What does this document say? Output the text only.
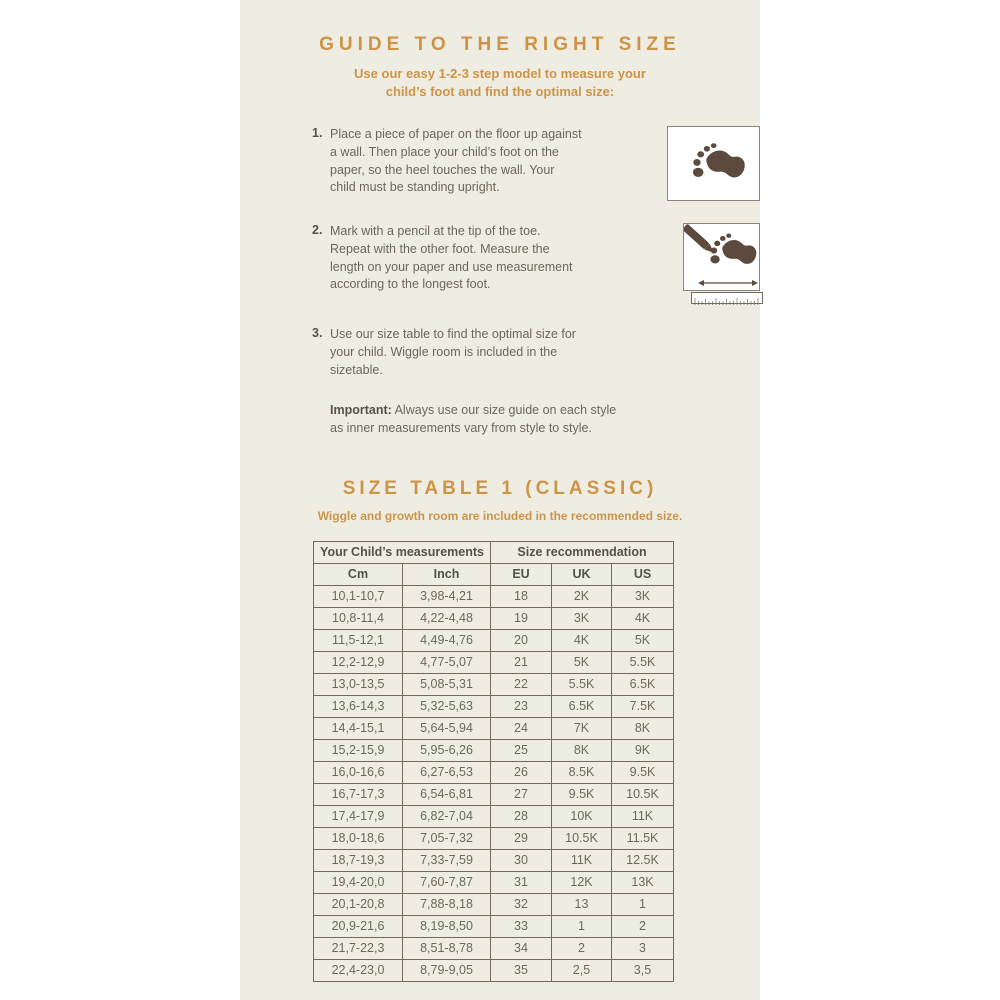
GUIDE TO THE RIGHT SIZE

Use our easy 1-2-3 step model to measure your child’s foot and find the optimal size:

1. Place a piece of paper on the floor up against a wall. Then place your child’s foot on the paper, so the heel touches the wall. Your child must be standing upright.

2. Mark with a pencil at the tip of the toe. Repeat with the other foot. Measure the length on your paper and use measurement according to the longest foot.

3. Use our size table to find the optimal size for your child. Wiggle room is included in the sizetable.

Important: Always use our size guide on each style as inner measurements vary from style to style.

SIZE TABLE 1 (CLASSIC)

Wiggle and growth room are included in the recommended size.

Your Child’s measurements		Size recommendation		
Cm	Inch	EU	UK	US
10,1-10,7	3,98-4,21	18	2K	3K
10,8-11,4	4,22-4,48	19	3K	4K
11,5-12,1	4,49-4,76	20	4K	5K
12,2-12,9	4,77-5,07	21	5K	5.5K
13,0-13,5	5,08-5,31	22	5.5K	6.5K
13,6-14,3	5,32-5,63	23	6.5K	7.5K
14,4-15,1	5,64-5,94	24	7K	8K
15,2-15,9	5,95-6,26	25	8K	9K
16,0-16,6	6,27-6,53	26	8.5K	9.5K
16,7-17,3	6,54-6,81	27	9.5K	10.5K
17,4-17,9	6,82-7,04	28	10K	11K
18,0-18,6	7,05-7,32	29	10.5K	11.5K
18,7-19,3	7,33-7,59	30	11K	12.5K
19,4-20,0	7,60-7,87	31	12K	13K
20,1-20,8	7,88-8,18	32	13	1
20,9-21,6	8,19-8,50	33	1	2
21,7-22,3	8,51-8,78	34	2	3
22,4-23,0	8,79-9,05	35	2,5	3,5
